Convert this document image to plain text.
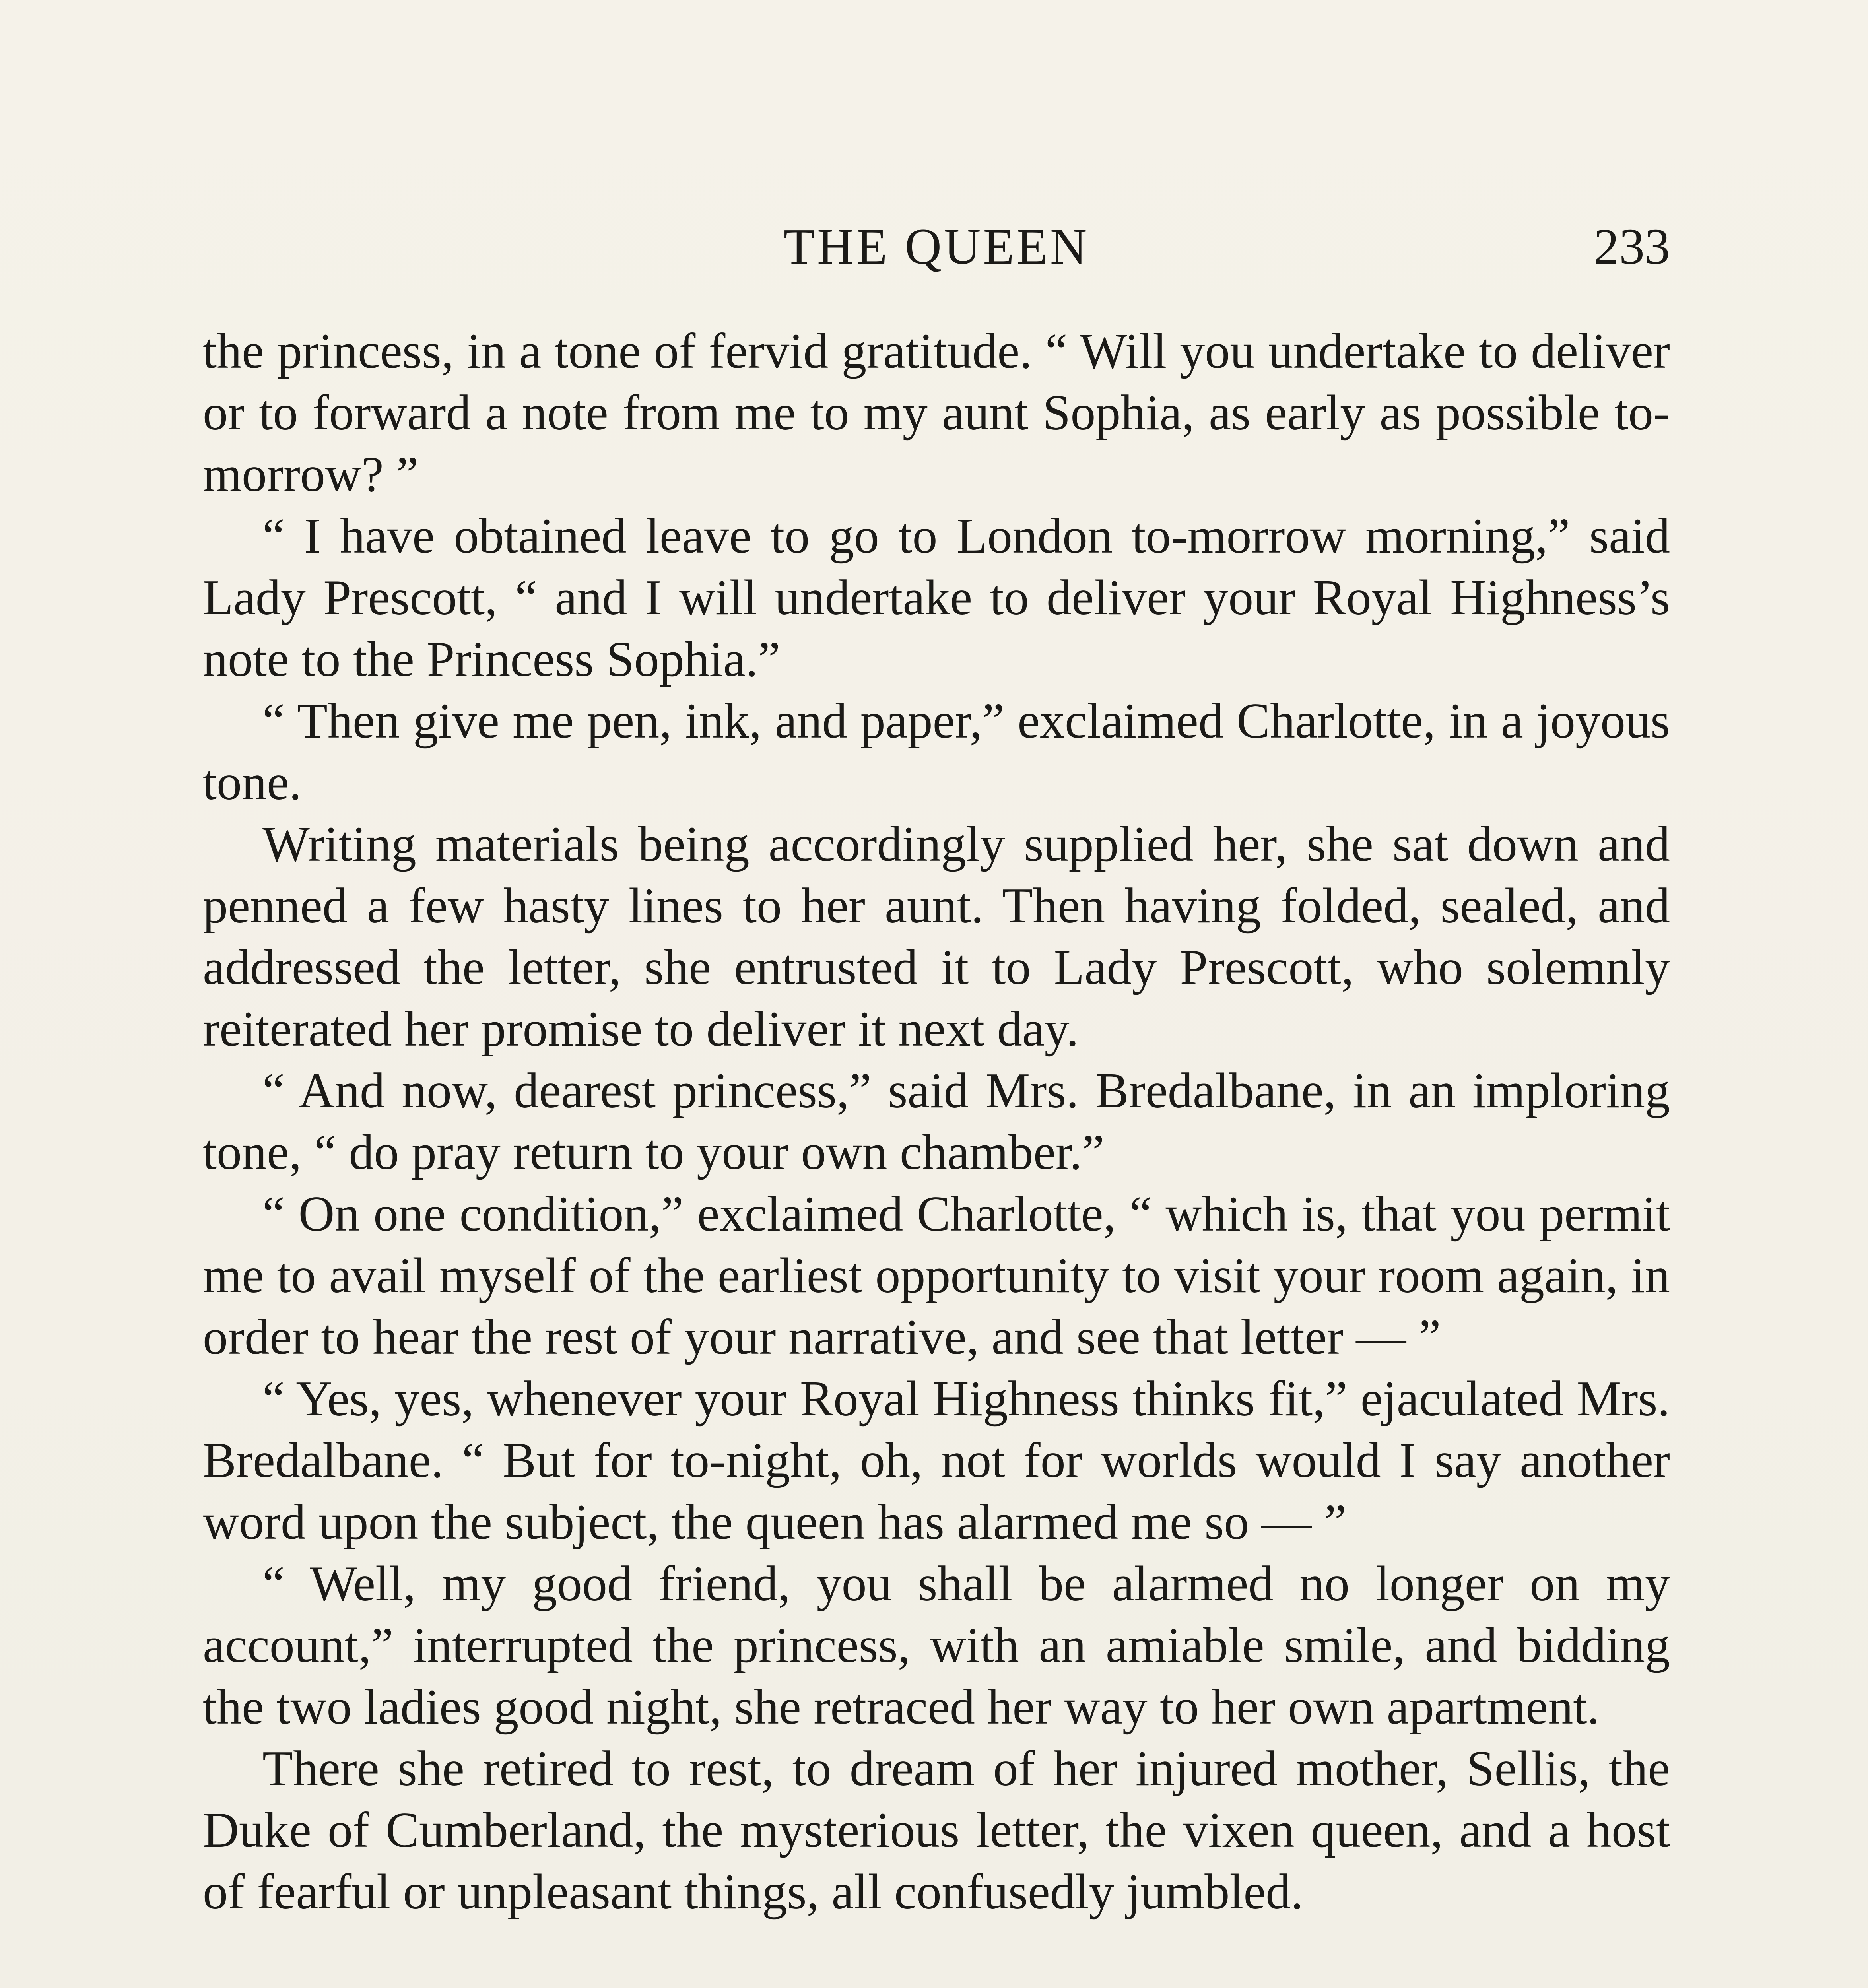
THE QUEEN	233

the princess, in a tone of fervid gratitude. “ Will you undertake to deliver or to forward a note from me to my aunt Sophia, as early as possible to-morrow? ”

“ I have obtained leave to go to London to-morrow morning,” said Lady Prescott, “ and I will undertake to deliver your Royal Highness’s note to the Princess Sophia.”

“ Then give me pen, ink, and paper,” exclaimed Charlotte, in a joyous tone.

Writing materials being accordingly supplied her, she sat down and penned a few hasty lines to her aunt. Then having folded, sealed, and addressed the letter, she entrusted it to Lady Prescott, who solemnly reiterated her promise to deliver it next day.

“ And now, dearest princess,” said Mrs. Bredalbane, in an imploring tone, “ do pray return to your own chamber.”

“ On one condition,” exclaimed Charlotte, “ which is, that you permit me to avail myself of the earliest opportunity to visit your room again, in order to hear the rest of your narrative, and see that letter — ”

“ Yes, yes, whenever your Royal Highness thinks fit,” ejaculated Mrs. Bredalbane. “ But for to-night, oh, not for worlds would I say another word upon the subject, the queen has alarmed me so — ”

“ Well, my good friend, you shall be alarmed no longer on my account,” interrupted the princess, with an amiable smile, and bidding the two ladies good night, she retraced her way to her own apartment.

There she retired to rest, to dream of her injured mother, Sellis, the Duke of Cumberland, the mysterious letter, the vixen queen, and a host of fearful or unpleasant things, all confusedly jumbled.
